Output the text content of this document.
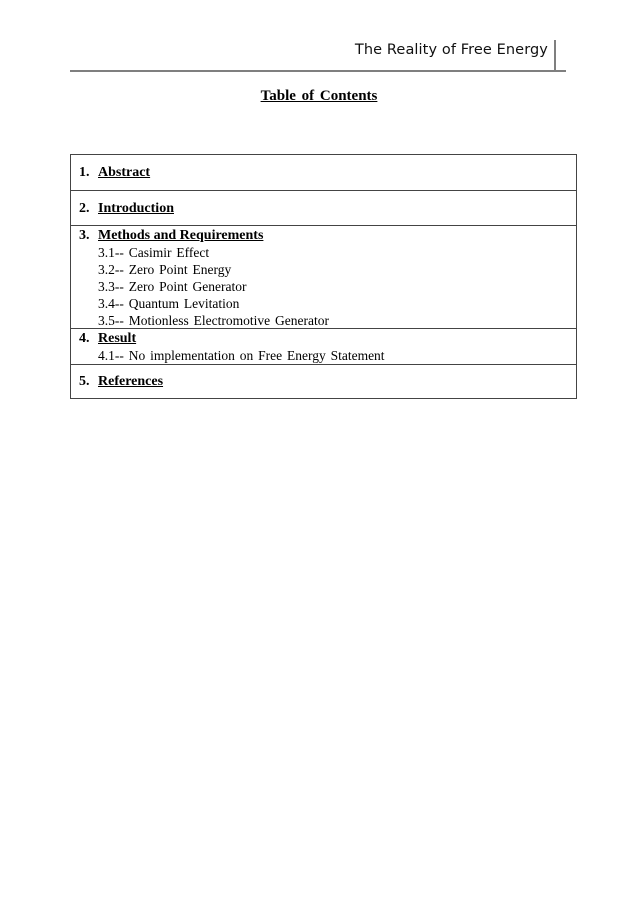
The Reality of Free Energy
Table of Contents
1. Abstract
2. Introduction
3. Methods and Requirements
3.1-- Casimir Effect
3.2-- Zero Point Energy
3.3-- Zero Point Generator
3.4-- Quantum Levitation
3.5-- Motionless Electromotive Generator
4. Result
4.1-- No implementation on Free Energy Statement
5. References
